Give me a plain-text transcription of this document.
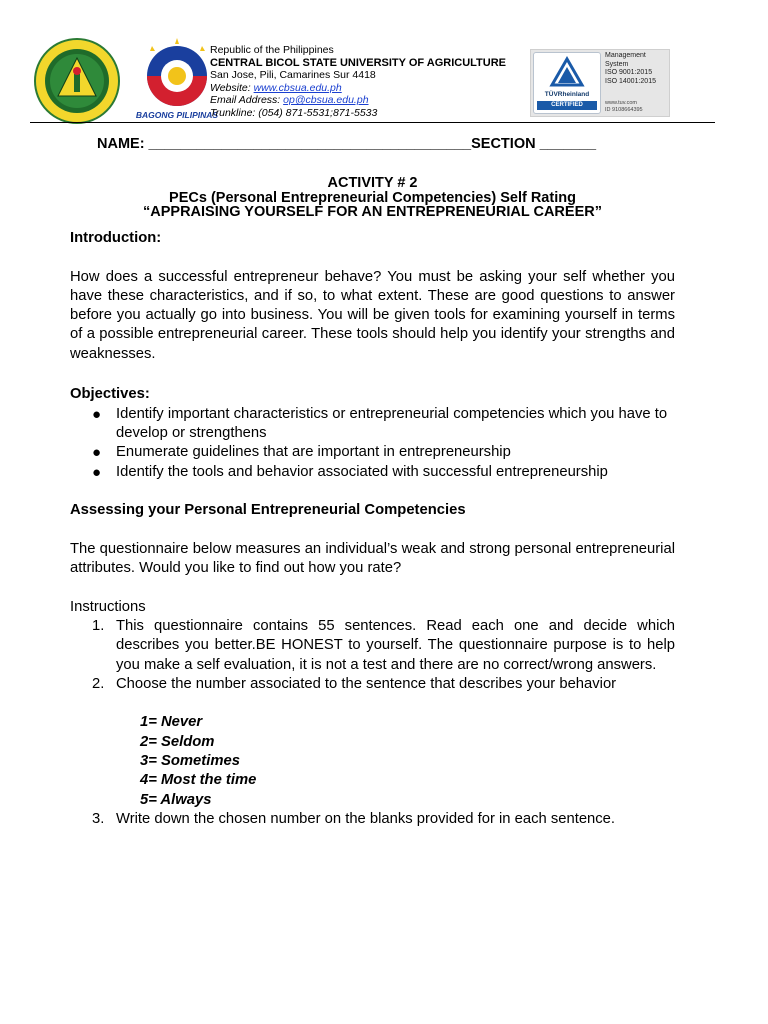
BAGONG PILIPINAS
Republic of the Philippines
CENTRAL BICOL STATE UNIVERSITY OF AGRICULTURE
San Jose, Pili, Camarines Sur 4418
Website: www.cbsua.edu.ph
Email Address: op@cbsua.edu.ph
Trunkline: (054) 871-5531;871-5533
TÜVRheinland
CERTIFIED
Management
System
ISO 9001:2015
ISO 14001:2015
www.tuv.com
ID 9108664395
NAME: ________________________________________SECTION _______
ACTIVITY # 2
PECs (Personal Entrepreneurial Competencies) Self Rating
“APPRAISING YOURSELF FOR AN ENTREPRENEURIAL CAREER”

Introduction:

How does a successful entrepreneur behave? You must be asking your self whether you have these characteristics, and if so, to what extent. These are good questions to answer before you actually go into business. You will be given tools for examining yourself in terms of a possible entrepreneurial career. These tools should help you identify your strengths and weaknesses.

Objectives:

● Identify important characteristics or entrepreneurial competencies which you have to develop or strengthens
● Enumerate guidelines that are important in entrepreneurship
● Identify the tools and behavior associated with successful entrepreneurship

Assessing your Personal Entrepreneurial Competencies

The questionnaire below measures an individual’s weak and strong personal entrepreneurial attributes. Would you like to find out how you rate?

Instructions

1. This questionnaire contains 55 sentences. Read each one and decide which describes you better.BE HONEST to yourself. The questionnaire purpose is to help you make a self evaluation, it is not a test and there are no correct/wrong answers.
2. Choose the number associated to the sentence that describes your behavior
1= Never
2= Seldom
3= Sometimes
4= Most the time
5= Always
3. Write down the chosen number on the blanks provided for in each sentence.
